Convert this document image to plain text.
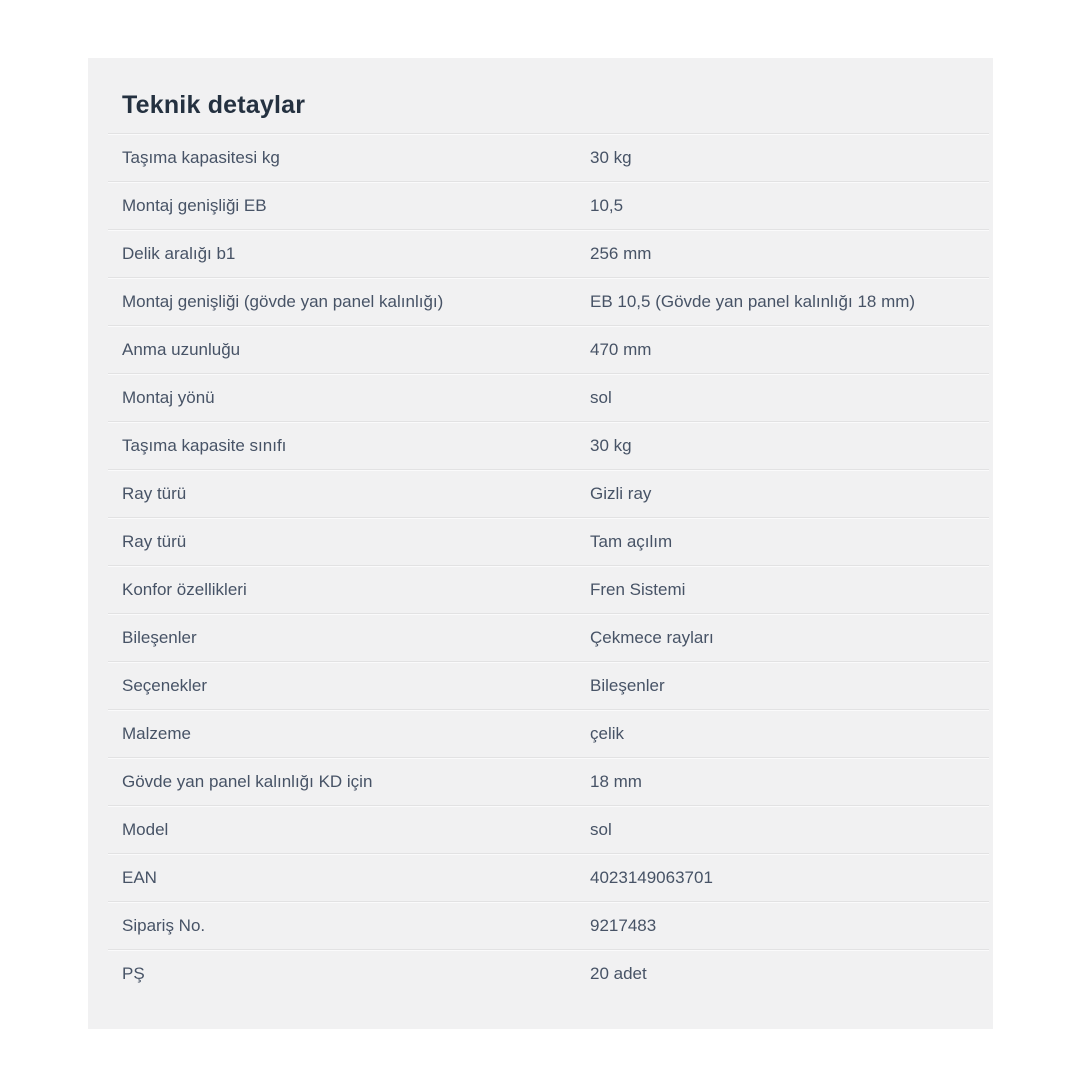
Teknik detaylar
Taşıma kapasitesi kg	30 kg
Montaj genişliği EB	10,5
Delik aralığı b1	256 mm
Montaj genişliği (gövde yan panel kalınlığı)	EB 10,5 (Gövde yan panel kalınlığı 18 mm)
Anma uzunluğu	470 mm
Montaj yönü	sol
Taşıma kapasite sınıfı	30 kg
Ray türü	Gizli ray
Ray türü	Tam açılım
Konfor özellikleri	Fren Sistemi
Bileşenler	Çekmece rayları
Seçenekler	Bileşenler
Malzeme	çelik
Gövde yan panel kalınlığı KD için	18 mm
Model	sol
EAN	4023149063701
Sipariş No.	9217483
PŞ	20 adet
